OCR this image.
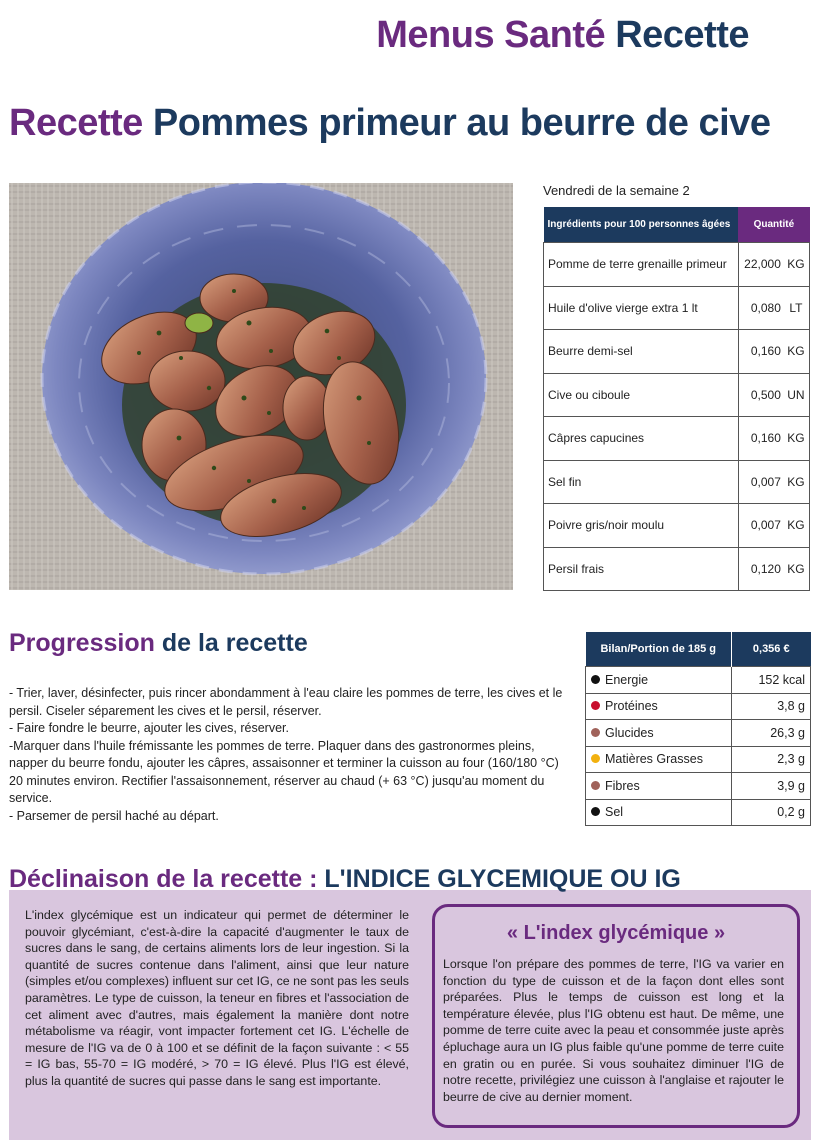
Menus Santé Recette
Recette Pommes primeur au beurre de cive
Vendredi de la semaine 2
Ingrédients pour 100 personnes âgées	Quantité	
Pomme de terre grenaille primeur	22,000	KG
Huile d'olive vierge extra 1 lt	0,080	LT
Beurre demi-sel	0,160	KG
Cive ou ciboule	0,500	UN
Câpres capucines	0,160	KG
Sel fin	0,007	KG
Poivre gris/noir moulu	0,007	KG
Persil frais	0,120	KG
Progression de la recette
- Trier, laver, désinfecter, puis rincer abondamment à l'eau claire les pommes de terre, les cives et le persil. Ciseler séparement les cives et le persil, réserver.
- Faire fondre le beurre, ajouter les cives, réserver.
-Marquer dans l'huile frémissante les pommes de terre. Plaquer dans des gastronormes pleins, napper du beurre fondu, ajouter les câpres, assaisonner et terminer la cuisson au four (160/180 °C) 20 minutes environ. Rectifier l'assaisonnement, réserver au chaud (+ 63 °C) jusqu'au moment du service.
- Parsemer de persil haché au départ.
Bilan/Portion de 185 g	0,356 €
Energie	152 kcal
Protéines	3,8 g
Glucides	26,3 g
Matières Grasses	2,3 g
Fibres	3,9 g
Sel	0,2 g
Déclinaison de la recette : L'INDICE GLYCEMIQUE OU IG

L'index glycémique est un indicateur qui permet de déterminer le pouvoir glycémiant, c'est-à-dire la capacité d'augmenter le taux de sucres dans le sang, de certains aliments lors de leur ingestion. Si la quantité de sucres contenue dans l'aliment, ainsi que leur nature (simples et/ou complexes) influent sur cet IG, ce ne sont pas les seuls paramètres. Le type de cuisson, la teneur en fibres et l'association de cet aliment avec d'autres, mais également la manière dont notre métabolisme va réagir, vont impacter fortement cet IG. L'échelle de mesure de l'IG va de 0 à 100 et se définit de la façon suivante : < 55 = IG bas, 55-70 = IG modéré, > 70 = IG élevé. Plus l'IG est élevé, plus la quantité de sucres qui passe dans le sang est importante.

« L'index glycémique »

Lorsque l'on prépare des pommes de terre, l'IG va varier en fonction du type de cuisson et de la façon dont elles sont préparées. Plus le temps de cuisson est long et la température élevée, plus l'IG obtenu est haut. De même, une pomme de terre cuite avec la peau et consommée juste après épluchage aura un IG plus faible qu'une pomme de terre cuite en gratin ou en purée. Si vous souhaitez diminuer l'IG de notre recette, privilégiez une cuisson à l'anglaise et rajouter le beurre de cive au dernier moment.
